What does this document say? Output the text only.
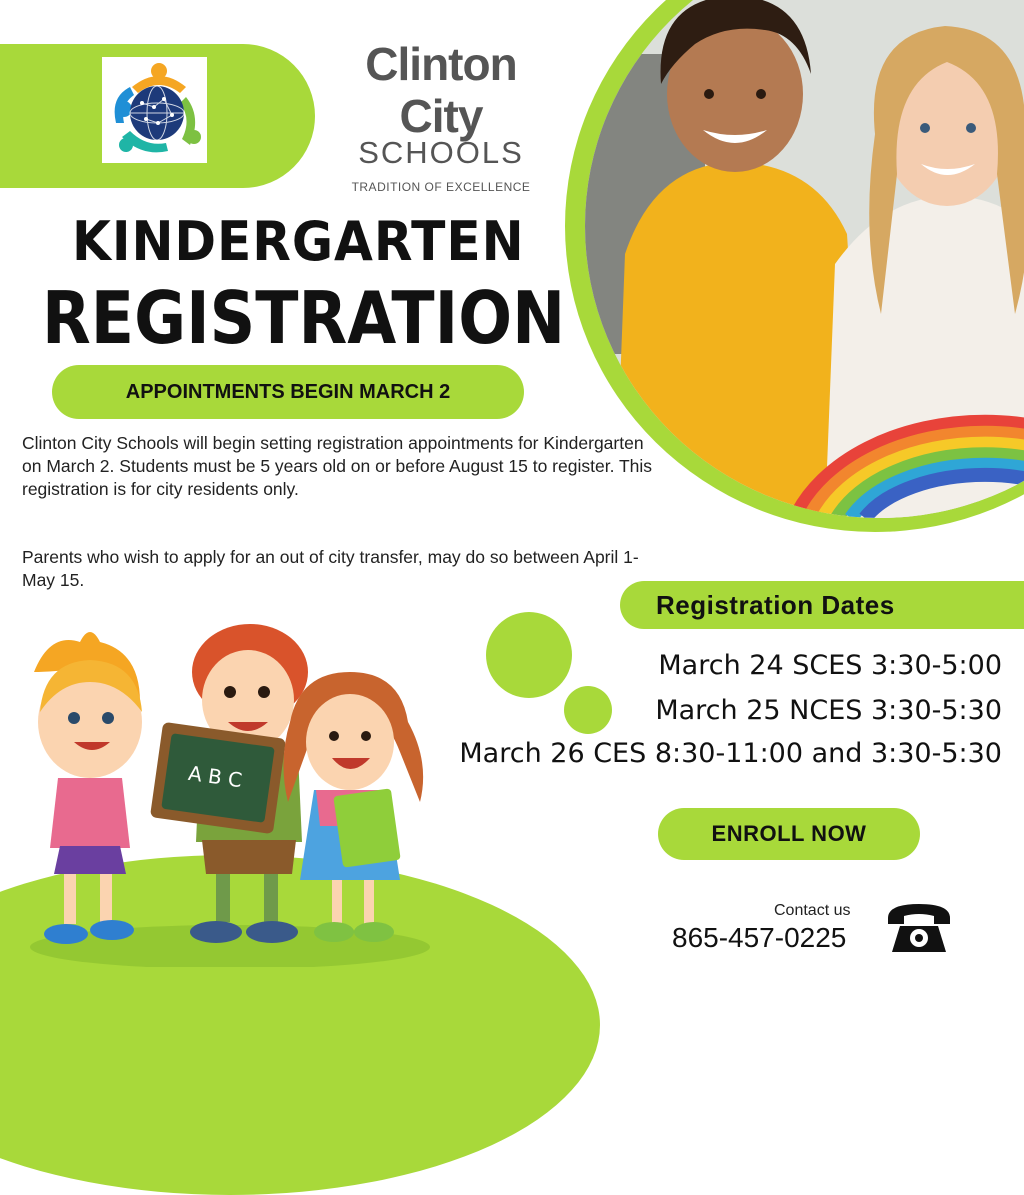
Clinton City
SCHOOLS
TRADITION OF EXCELLENCE
KINDERGARTEN
REGISTRATION
APPOINTMENTS BEGIN MARCH 2
Clinton City Schools will begin setting registration appointments for Kindergarten on March 2. Students must be 5 years old on or before August 15 to register. This registration is for city residents only.
Parents who wish to apply for an out of city transfer, may do so between April 1-May 15.
Registration Dates
March 24 SCES 3:30-5:00
March 25 NCES 3:30-5:30
March 26 CES 8:30-11:00 and 3:30-5:30
ENROLL NOW
Contact us
865-457-0225
A B C
